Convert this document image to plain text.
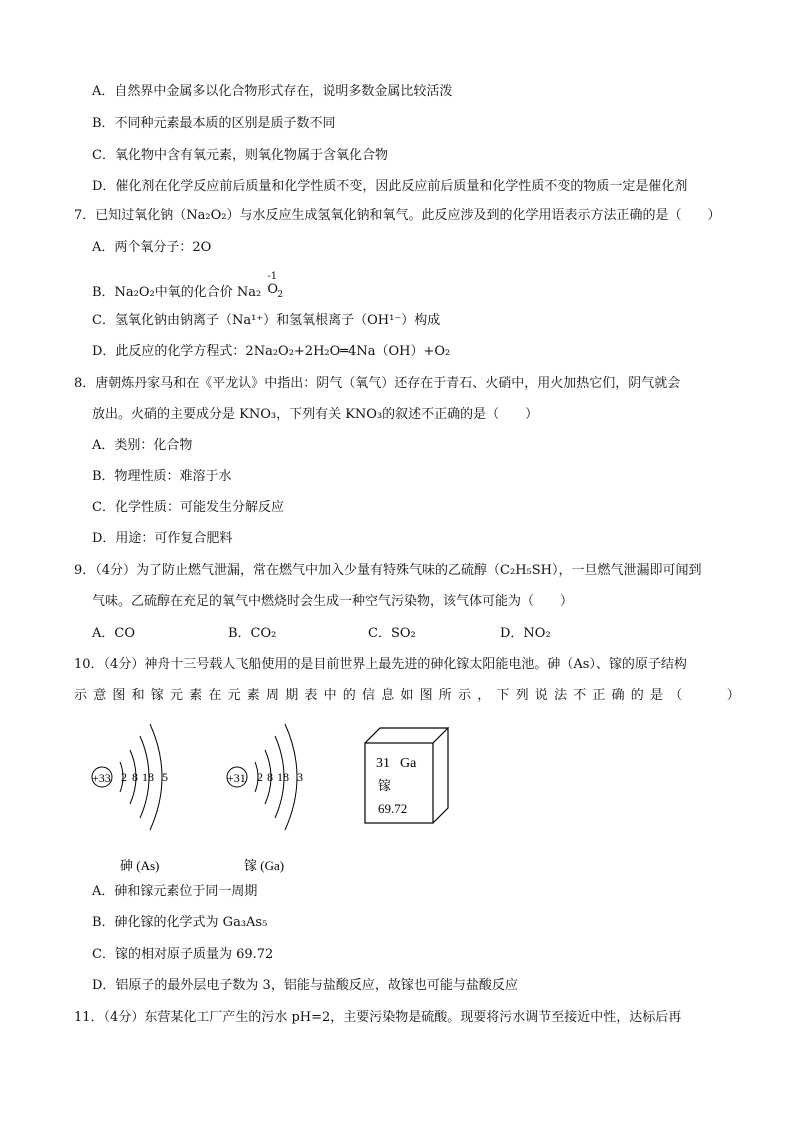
A．自然界中金属多以化合物形式存在，说明多数金属比较活泼
B．不同种元素最本质的区别是质子数不同
C．氧化物中含有氧元素，则氧化物属于含氧化合物
D．催化剂在化学反应前后质量和化学性质不变，因此反应前后质量和化学性质不变的物质一定是催化剂
7．已知过氧化钠（Na₂O₂）与水反应生成氢氧化钠和氧气。此反应涉及到的化学用语表示方法正确的是（　　）
A．两个氧分子：2O
B．Na₂O₂中氧的化合价 Na₂
-1
O 2
C．氢氧化钠由钠离子（Na¹⁺）和氢氧根离子（OH¹⁻）构成
D．此反应的化学方程式：2Na₂O₂+2H₂O═4Na（OH）+O₂
8．唐朝炼丹家马和在《平龙认》中指出：阴气（氧气）还存在于青石、火硝中，用火加热它们，阴气就会
放出。火硝的主要成分是 KNO₃，下列有关 KNO₃的叙述不正确的是（　　）
A．类别：化合物
B．物理性质：难溶于水
C．化学性质：可能发生分解反应
D．用途：可作复合肥料
9．（4分）为了防止燃气泄漏，常在燃气中加入少量有特殊气味的乙硫醇（C₂H₅SH），一旦燃气泄漏即可闻到
气味。乙硫醇在充足的氧气中燃烧时会生成一种空气污染物，该气体可能为（　　）
A．CO	B．CO₂	C．SO₂	D．NO₂
10．（4分）神舟十三号载人飞船使用的是目前世界上最先进的砷化镓太阳能电池。砷（As）、镓的原子结构
示意图和镓元素在元素周期表中的信息如图所示，下列说法不正确的是（　　）
+33 2 8 18 5
砷 (As)
+31 2 8 18 3
镓 (Ga)
31 Ga
镓
69.72
A．砷和镓元素位于同一周期
B．砷化镓的化学式为 Ga₃As₅
C．镓的相对原子质量为 69.72
D．铝原子的最外层电子数为 3，铝能与盐酸反应，故镓也可能与盐酸反应
11．（4分）东营某化工厂产生的污水 pH=2，主要污染物是硫酸。现要将污水调节至接近中性，达标后再
